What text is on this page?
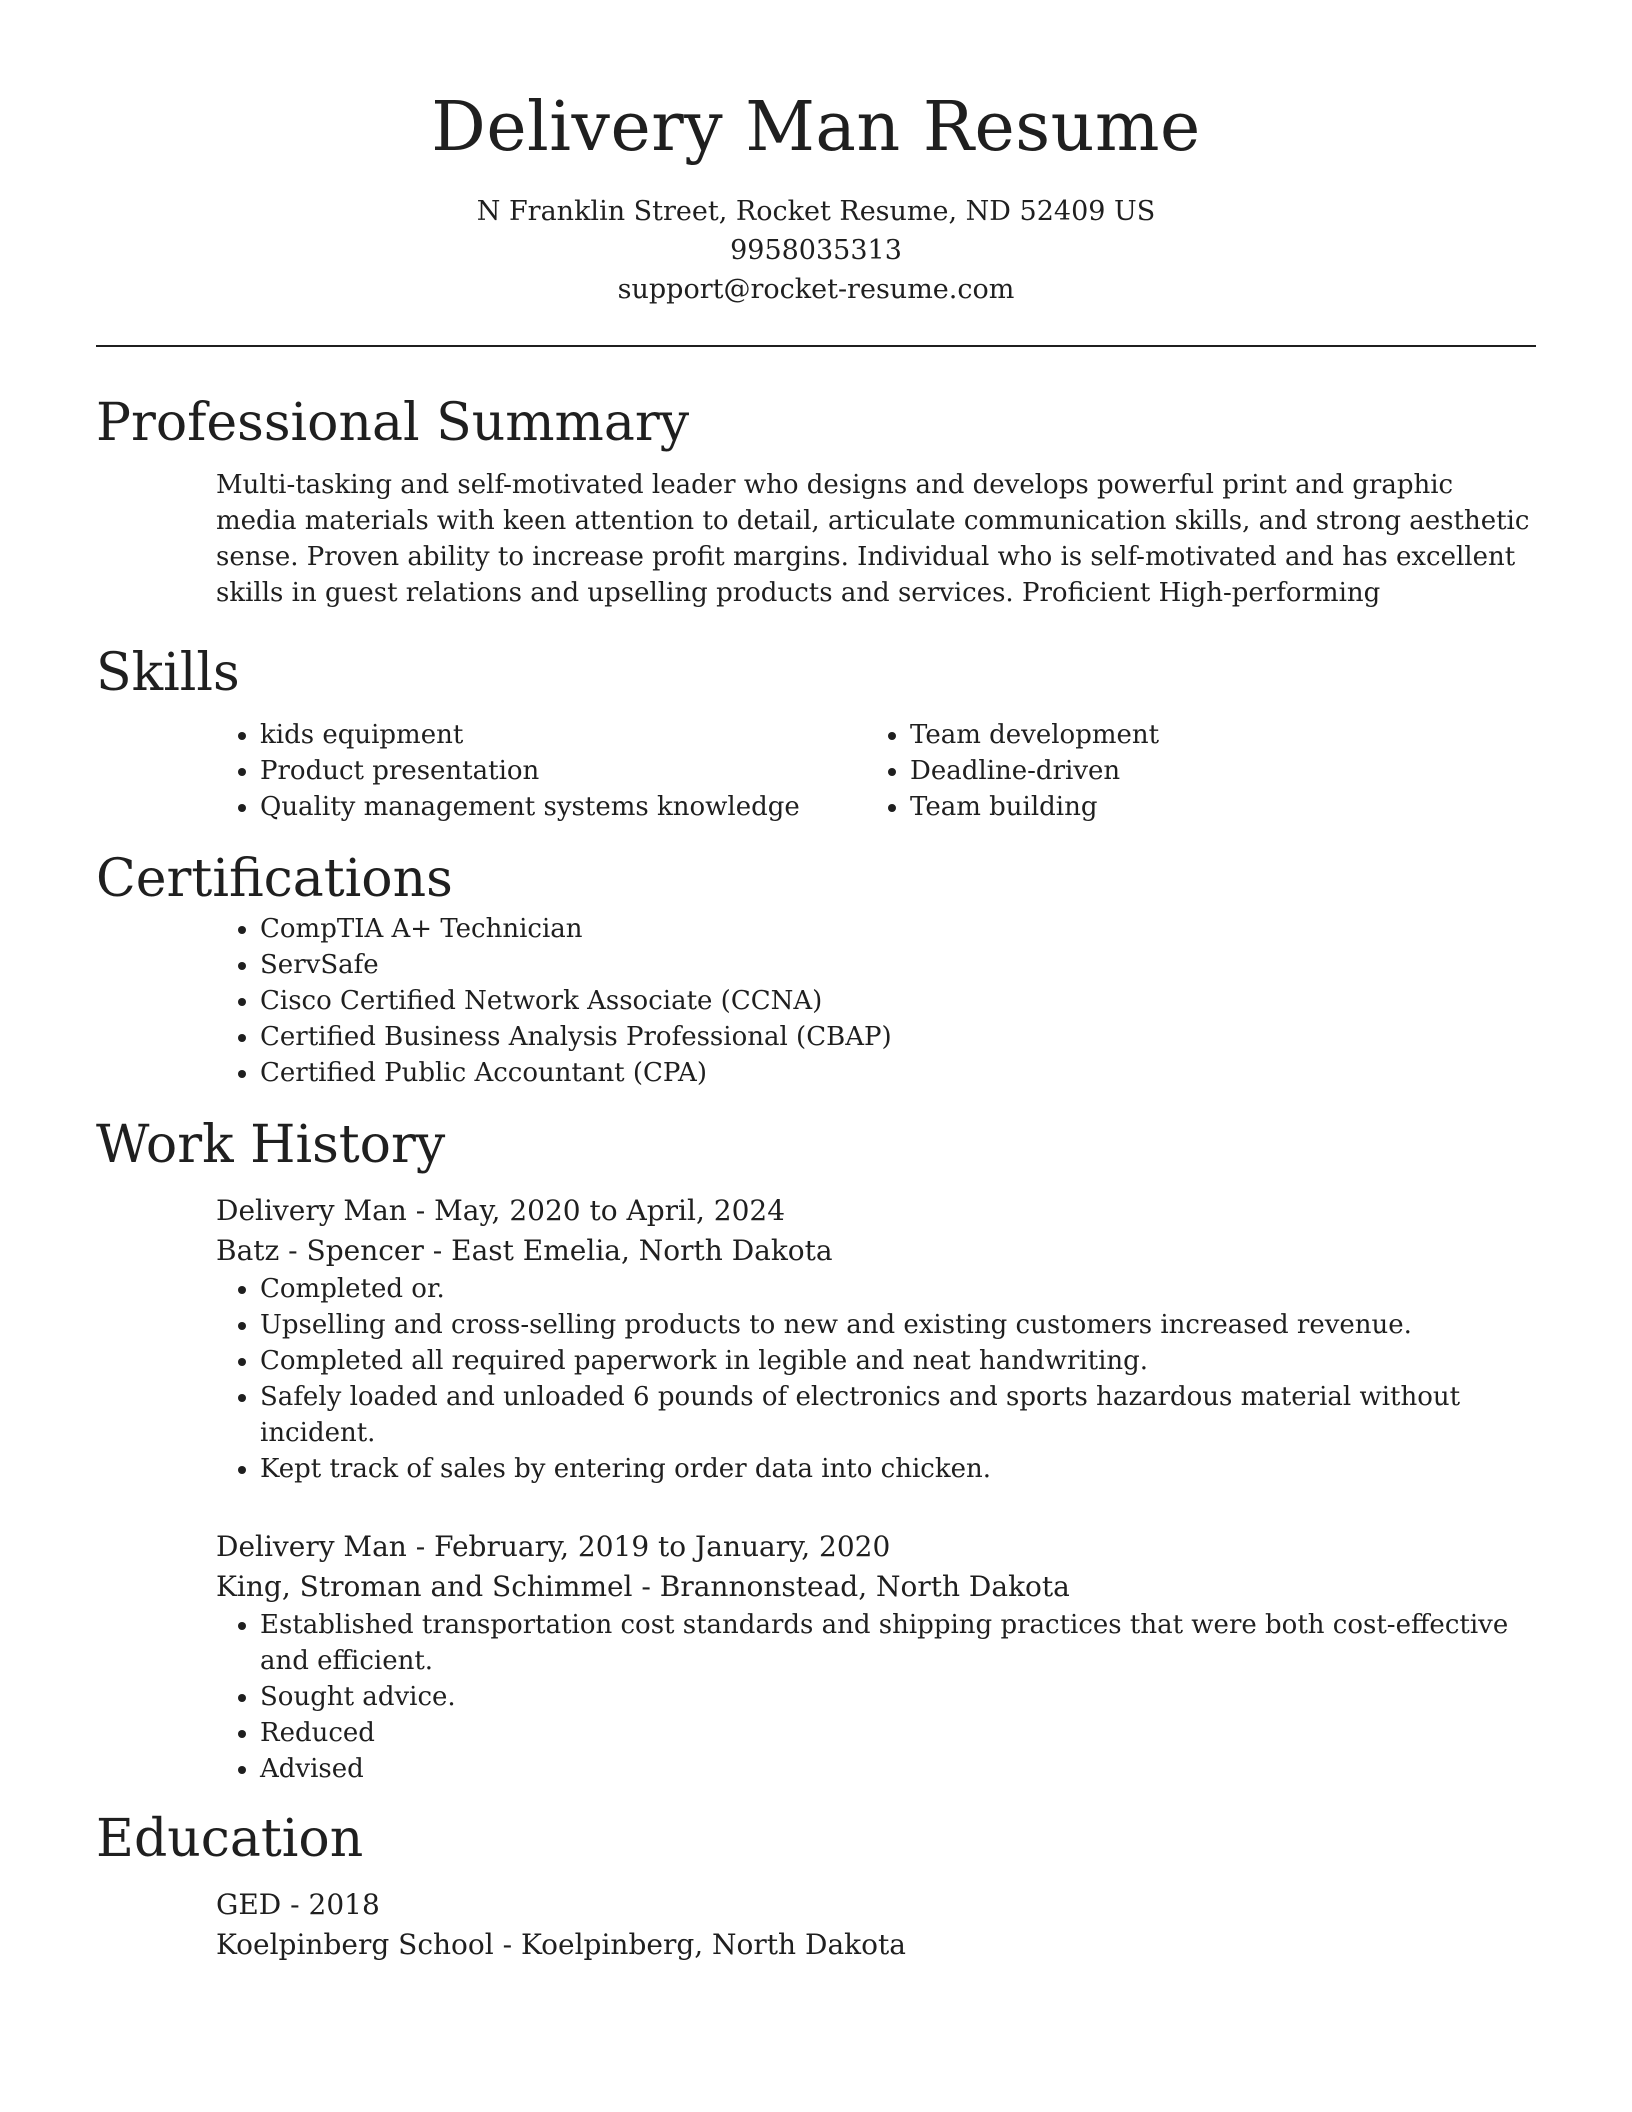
Delivery Man Resume
N Franklin Street, Rocket Resume, ND 52409 US
9958035313
support@rocket-resume.com
Professional Summary
Multi-tasking and self-motivated leader who designs and develops powerful print and graphic media materials with keen attention to detail, articulate communication skills, and strong aesthetic sense. Proven ability to increase profit margins. Individual who is self-motivated and has excellent skills in guest relations and upselling products and services. Proficient High-performing
Skills
• kids equipment
• Product presentation
• Quality management systems knowledge
• Team development
• Deadline-driven
• Team building
Certifications
• CompTIA A+ Technician
• ServSafe
• Cisco Certified Network Associate (CCNA)
• Certified Business Analysis Professional (CBAP)
• Certified Public Accountant (CPA)
Work History
Delivery Man - May, 2020 to April, 2024
Batz - Spencer - East Emelia, North Dakota
• Completed or.
• Upselling and cross-selling products to new and existing customers increased revenue.
• Completed all required paperwork in legible and neat handwriting.
• Safely loaded and unloaded 6 pounds of electronics and sports hazardous material without incident.
• Kept track of sales by entering order data into chicken.
Delivery Man - February, 2019 to January, 2020
King, Stroman and Schimmel - Brannonstead, North Dakota
• Established transportation cost standards and shipping practices that were both cost-effective and efficient.
• Sought advice.
• Reduced
• Advised
Education
GED - 2018
Koelpinberg School - Koelpinberg, North Dakota
